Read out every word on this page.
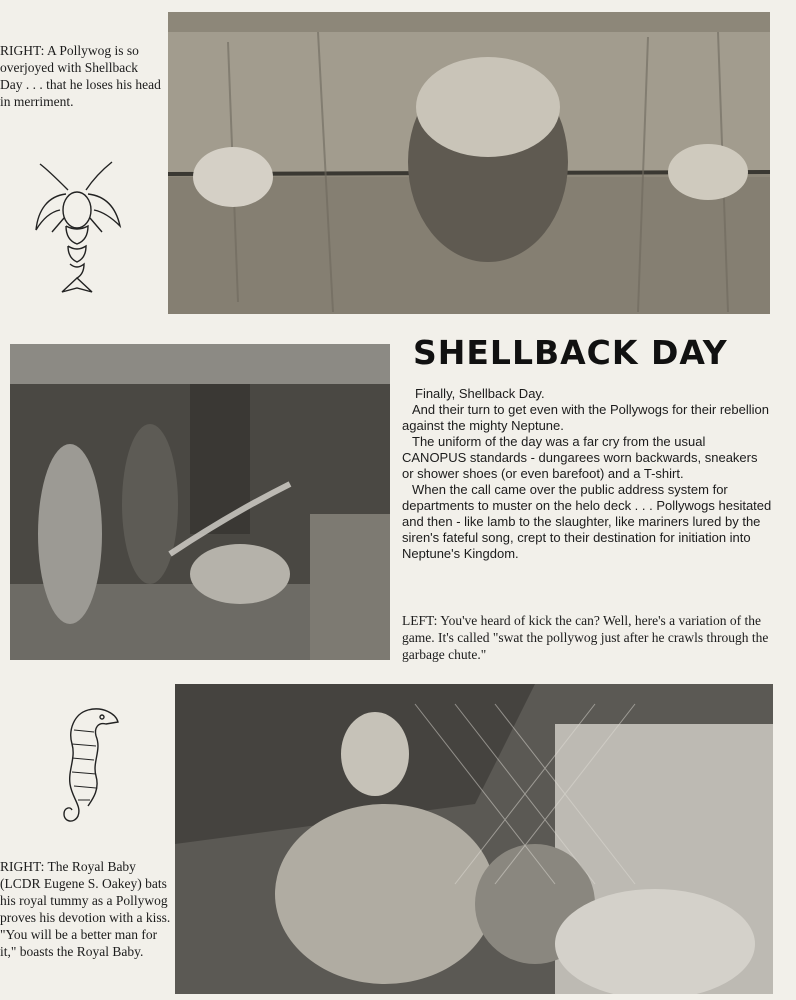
RIGHT: A Pollywog is so overjoyed with Shellback Day . . . that he loses his head in merriment.
SHELLBACK DAY

Finally, Shellback Day.

And their turn to get even with the Pollywogs for their rebellion against the mighty Neptune.

The uniform of the day was a far cry from the usual CANOPUS standards - dungarees worn backwards, sneakers or shower shoes (or even barefoot) and a T-shirt.

When the call came over the public address system for departments to muster on the helo deck . . . Pollywogs hesitated and then - like lamb to the slaughter, like mariners lured by the siren's fateful song, crept to their destination for initiation into Neptune's Kingdom.

LEFT: You've heard of kick the can? Well, here's a variation of the game. It's called "swat the pollywog just after he crawls through the garbage chute."
RIGHT: The Royal Baby (LCDR Eugene S. Oakey) bats his royal tummy as a Pollywog proves his devotion with a kiss. "You will be a better man for it," boasts the Royal Baby.
